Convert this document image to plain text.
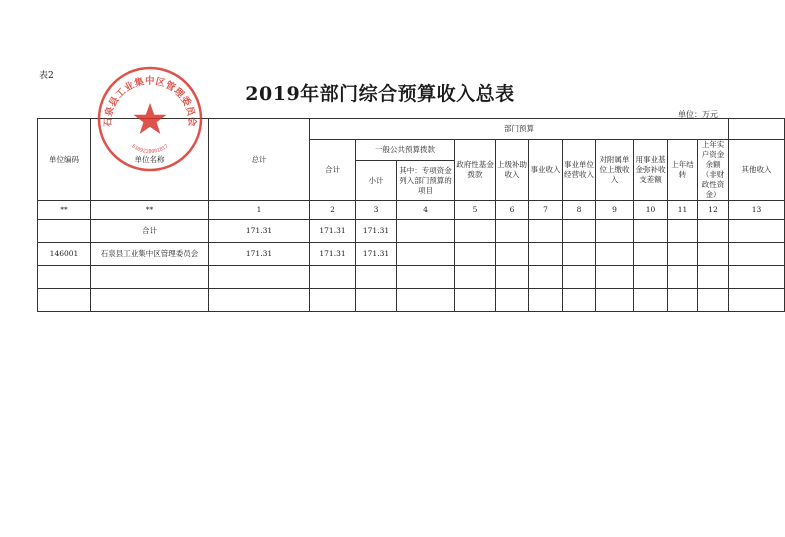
表2
2019年部门综合预算收入总表
单位：万元
单位编码	单位名称	总计	部门预算											
			合计	一般公共预算拨款		政府性基金拨款	上级补助收入	事业收入	事业单位经营收入	对附属单位上缴收入	用事业基金弥补收支差额	上年结转	上年实户资金余额（非财政性资金）	其他收入
				小计	其中：专项资金列入部门预算的项目									
**	**	1	2	3	4	5	6	7	8	9	10	11	12	13
	合计	171.31	171.31	171.31										
146001	石泉县工业集中区管理委员会	171.31	171.31	171.31										

石泉县工业集中区管理委员会
6109220001817
